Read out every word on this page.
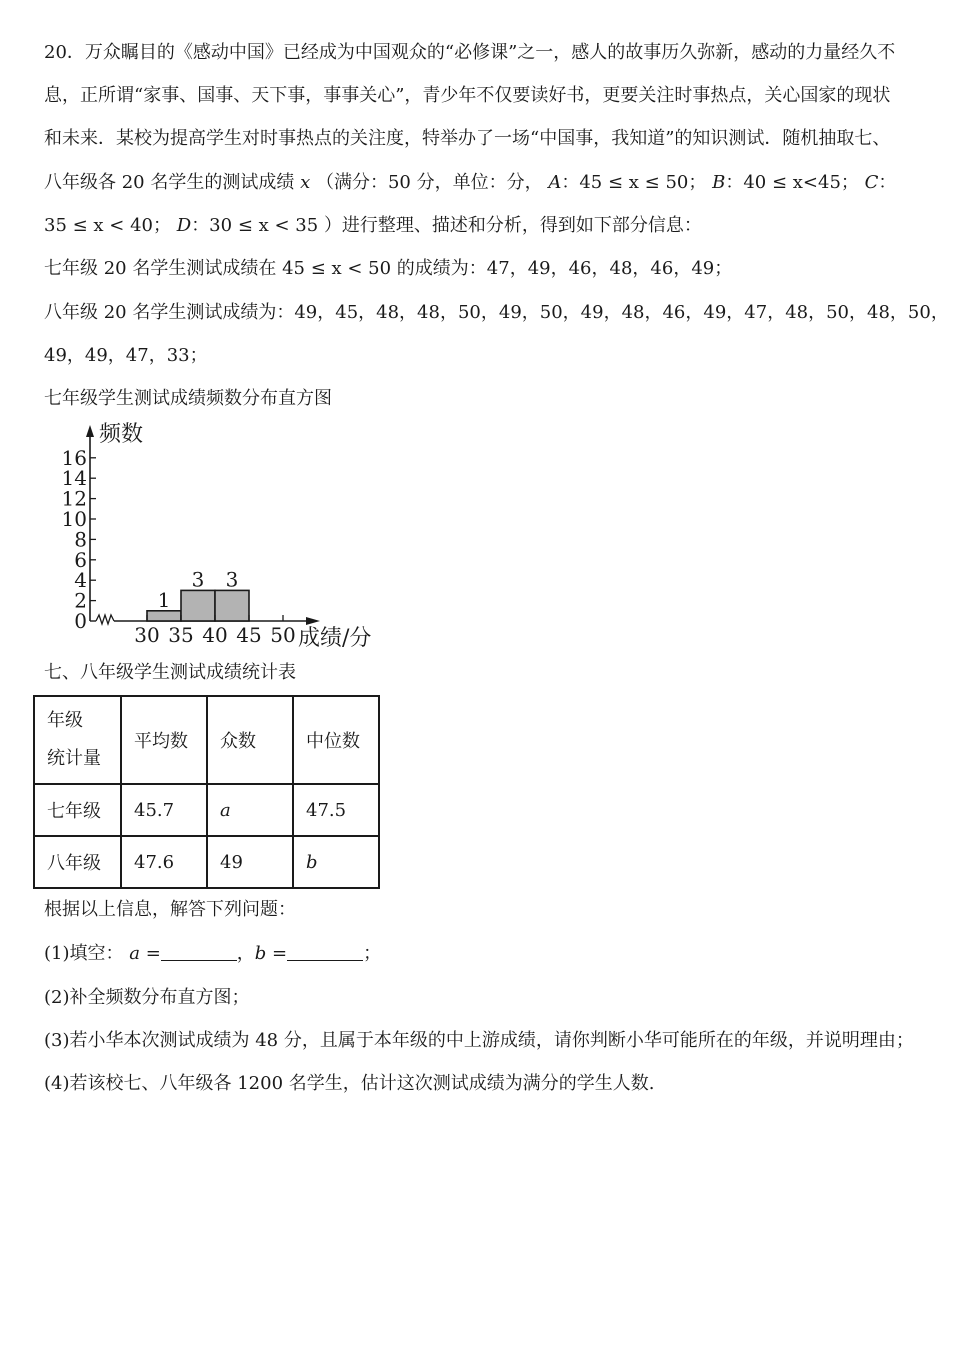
20．万众瞩目的《感动中国》已经成为中国观众的“必修课”之一，感人的故事历久弥新，感动的力量经久不
息，正所谓“家事、国事、天下事，事事关心”，青少年不仅要读好书，更要关注时事热点，关心国家的现状
和未来．某校为提高学生对时事热点的关注度，特举办了一场“中国事，我知道”的知识测试．随机抽取七、
八年级各 20 名学生的测试成绩 x （满分：50 分，单位：分， A：45 ≤ x ≤ 50； B：40 ≤ x<45； C：
35 ≤ x < 40； D：30 ≤ x < 35 ）进行整理、描述和分析，得到如下部分信息：
七年级 20 名学生测试成绩在 45 ≤ x < 50 的成绩为：47，49，46，48，46，49；
八年级 20 名学生测试成绩为：49，45，48，48，50，49，50，49，48，46，49，47，48，50，48，50，
49，49，47，33；
七年级学生测试成绩频数分布直方图
频数
0
2
4
6
8
10
12
14
16
成绩/分
1
3 3
30 35 40 45 50
七、八年级学生测试成绩统计表
年级
统计量	平均数	众数	中位数
七年级	45.7	a	47.5
八年级	47.6	49	b
根据以上信息，解答下列问题：
(1)填空： a =	，b =	；
(2)补全频数分布直方图；
(3)若小华本次测试成绩为 48 分，且属于本年级的中上游成绩，请你判断小华可能所在的年级，并说明理由；
(4)若该校七、八年级各 1200 名学生，估计这次测试成绩为满分的学生人数.
